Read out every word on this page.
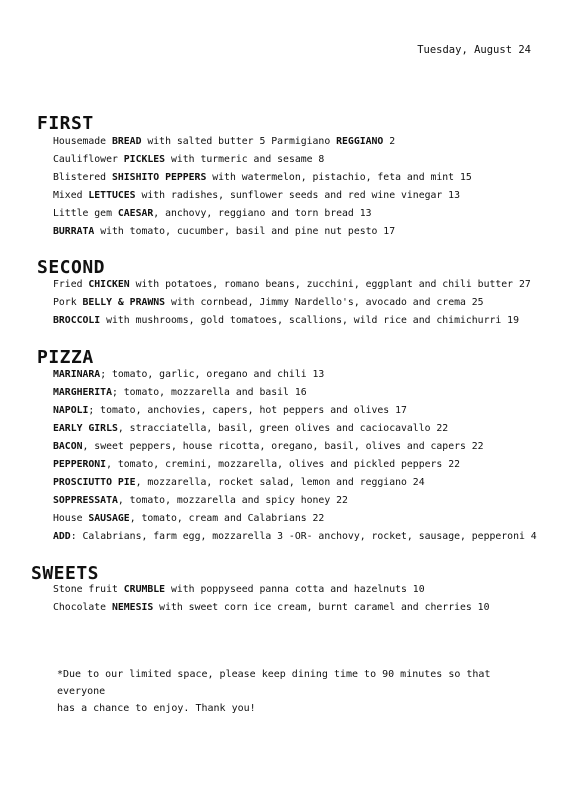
Tuesday, August 24
FIRST
Housemade BREAD with salted butter 5 Parmigiano REGGIANO 2
Cauliflower PICKLES with turmeric and sesame 8
Blistered SHISHITO PEPPERS with watermelon, pistachio, feta and mint 15
Mixed LETTUCES with radishes, sunflower seeds and red wine vinegar 13
Little gem CAESAR, anchovy, reggiano and torn bread 13
BURRATA with tomato, cucumber, basil and pine nut pesto 17
SECOND
Fried CHICKEN with potatoes, romano beans, zucchini, eggplant and chili butter 27
Pork BELLY & PRAWNS with cornbead, Jimmy Nardello's, avocado and crema 25
BROCCOLI with mushrooms, gold tomatoes, scallions, wild rice and chimichurri 19
PIZZA
MARINARA; tomato, garlic, oregano and chili 13
MARGHERITA; tomato, mozzarella and basil 16
NAPOLI; tomato, anchovies, capers, hot peppers and olives 17
EARLY GIRLS, stracciatella, basil, green olives and caciocavallo 22
BACON, sweet peppers, house ricotta, oregano, basil, olives and capers 22
PEPPERONI, tomato, cremini, mozzarella, olives and pickled peppers 22
PROSCIUTTO PIE, mozzarella, rocket salad, lemon and reggiano 24
SOPPRESSATA, tomato, mozzarella and spicy honey 22
House SAUSAGE, tomato, cream and Calabrians 22
ADD: Calabrians, farm egg, mozzarella 3 -OR- anchovy, rocket, sausage, pepperoni 4
SWEETS
Stone fruit CRUMBLE with poppyseed panna cotta and hazelnuts 10
Chocolate NEMESIS with sweet corn ice cream, burnt caramel and cherries 10
*Due to our limited space, please keep dining time to 90 minutes so that everyone
has a chance to enjoy. Thank you!
